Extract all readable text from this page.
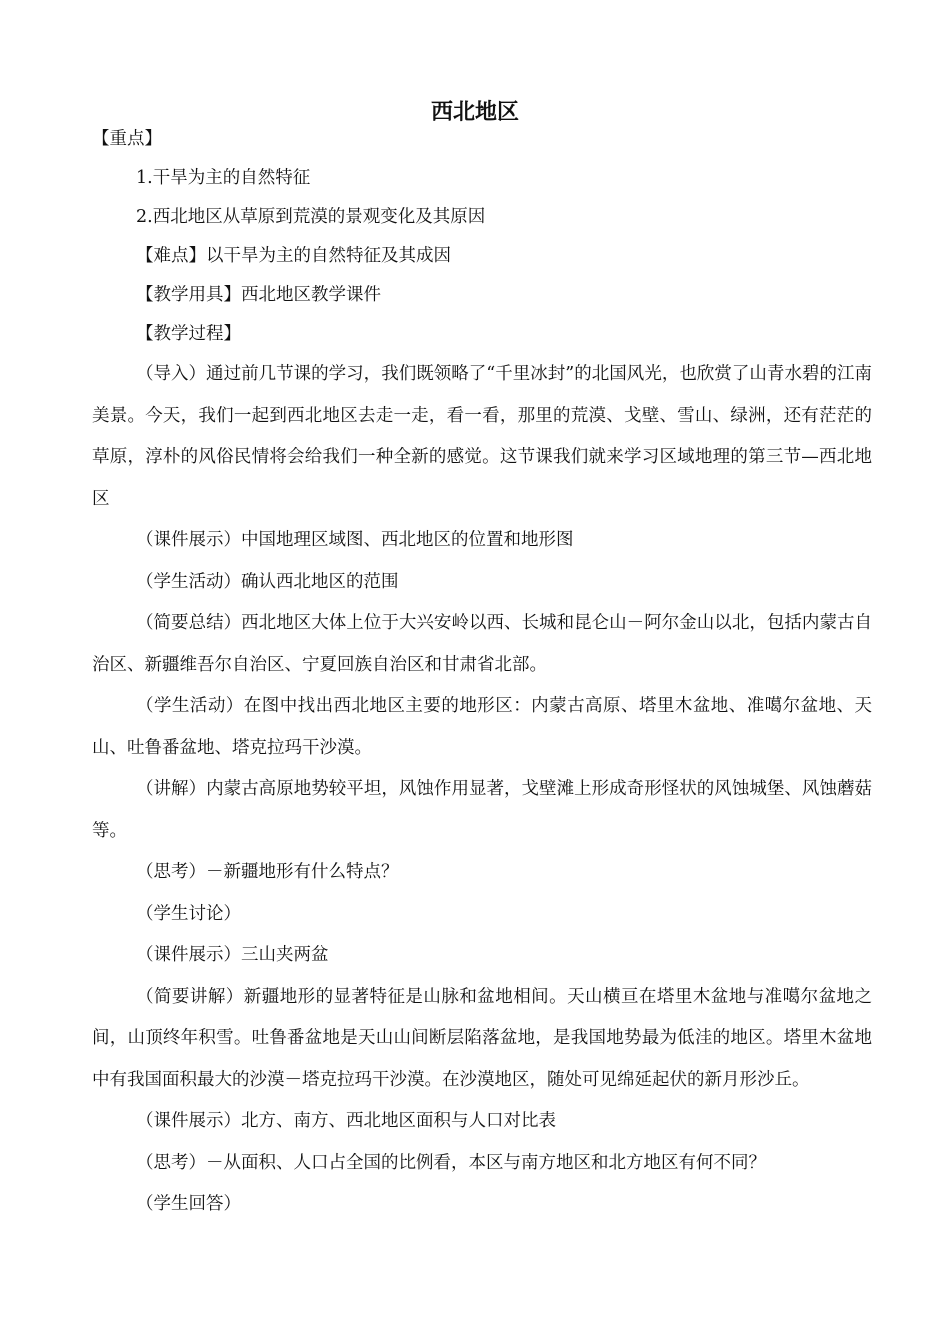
西北地区

【重点】

1.干旱为主的自然特征

2.西北地区从草原到荒漠的景观变化及其原因

【难点】以干旱为主的自然特征及其成因

【教学用具】西北地区教学课件

【教学过程】

（导入）通过前几节课的学习，我们既领略了“千里冰封”的北国风光，也欣赏了山青水碧的江南美景。今天，我们一起到西北地区去走一走，看一看，那里的荒漠、戈壁、雪山、绿洲，还有茫茫的草原，淳朴的风俗民情将会给我们一种全新的感觉。这节课我们就来学习区域地理的第三节—西北地区

（课件展示）中国地理区域图、西北地区的位置和地形图

（学生活动）确认西北地区的范围

（简要总结）西北地区大体上位于大兴安岭以西、长城和昆仑山－阿尔金山以北，包括内蒙古自治区、新疆维吾尔自治区、宁夏回族自治区和甘肃省北部。

（学生活动）在图中找出西北地区主要的地形区：内蒙古高原、塔里木盆地、准噶尔盆地、天山、吐鲁番盆地、塔克拉玛干沙漠。

（讲解）内蒙古高原地势较平坦，风蚀作用显著，戈壁滩上形成奇形怪状的风蚀城堡、风蚀蘑菇等。

（思考）－新疆地形有什么特点？

（学生讨论）

（课件展示）三山夹两盆

（简要讲解）新疆地形的显著特征是山脉和盆地相间。天山横亘在塔里木盆地与准噶尔盆地之间，山顶终年积雪。吐鲁番盆地是天山山间断层陷落盆地，是我国地势最为低洼的地区。塔里木盆地中有我国面积最大的沙漠－塔克拉玛干沙漠。在沙漠地区，随处可见绵延起伏的新月形沙丘。

（课件展示）北方、南方、西北地区面积与人口对比表

（思考）－从面积、人口占全国的比例看，本区与南方地区和北方地区有何不同？

（学生回答）
